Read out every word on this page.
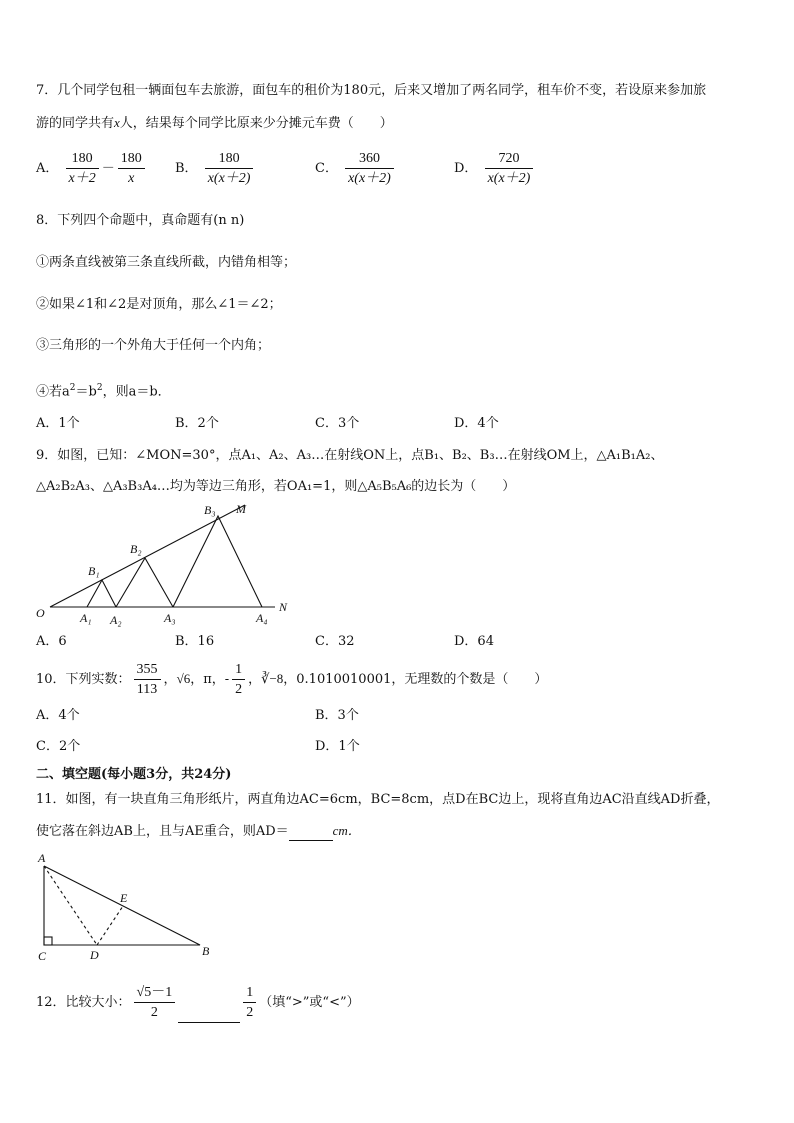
7．几个同学包租一辆面包车去旅游，面包车的租价为180元，后来又增加了两名同学，租车价不变，若设原来参加旅
游的同学共有x人，结果每个同学比原来少分摊元车费（　　）
A． $\frac{180}{x+2} - \frac{180}{x}$ B． $\frac{180}{x(x+2)}$	C． $\frac{360}{x(x+2)}$	D． $\frac{720}{x(x+2)}$
8．下列四个命题中，真命题有(n n)
①两条直线被第三条直线所截，内错角相等；
②如果∠1和∠2是对顶角，那么∠1＝∠2；
③三角形的一个外角大于任何一个内角；
④若$a^2=b^2$，则a＝b．
A．1个	B．2个	C．3个	D．4个
9．如图，已知：∠MON=30°，点A₁、A₂、A₃…在射线ON上，点B₁、B₂、B₃…在射线OM上，△A₁B₁A₂、
△A₂B₂A₃、△A₃B₃A₄…均为等边三角形，若OA₁=1，则△A₅B₅A₆的边长为（　　）
O	N
M
A₁ A₂	A₃	A₄
B₁
B₂
B₃
A．6	B．16	C．32	D．64
10．下列实数： $\frac{355}{113}$ ，√6，π，- $\frac{1}{2}$ ，∛−8，0.1010010001，无理数的个数是（　　）
A．4个	B．3个
C．2个	D．1个
二、填空题(每小题3分，共24分)
11．如图，有一块直角三角形纸片，两直角边AC=6cm，BC=8cm，点D在BC边上，现将直角边AC沿直线AD折叠，
使它落在斜边AB上，且与AE重合，则AD＝	cm．
A
B
C	D
E
12．比较大小： $\frac{√5-1}{2}$	$\frac{1}{2}$ （填“>”或“<”）
